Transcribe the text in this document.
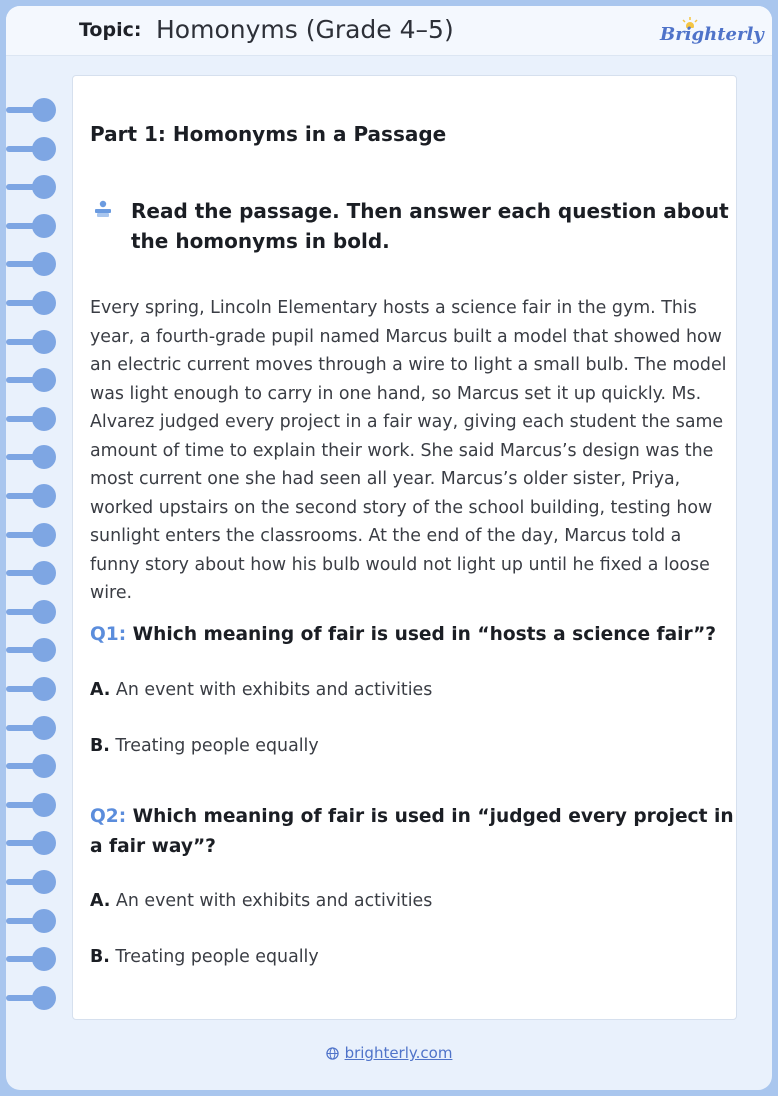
Topic: Homonyms (Grade 4–5)	Brighterly
Part 1: Homonyms in a Passage
Read the passage. Then answer each question about the homonyms in bold.
Every spring, Lincoln Elementary hosts a science fair in the gym. This year, a fourth-grade pupil named Marcus built a model that showed how an electric current moves through a wire to light a small bulb. The model was light enough to carry in one hand, so Marcus set it up quickly. Ms. Alvarez judged every project in a fair way, giving each student the same amount of time to explain their work. She said Marcus’s design was the most current one she had seen all year. Marcus’s older sister, Priya, worked upstairs on the second story of the school building, testing how sunlight enters the classrooms. At the end of the day, Marcus told a funny story about how his bulb would not light up until he fixed a loose wire.
Q1: Which meaning of fair is used in “hosts a science fair”?
A. An event with exhibits and activities
B. Treating people equally
Q2: Which meaning of fair is used in “judged every project in a fair way”?
A. An event with exhibits and activities
B. Treating people equally
brighterly.com
